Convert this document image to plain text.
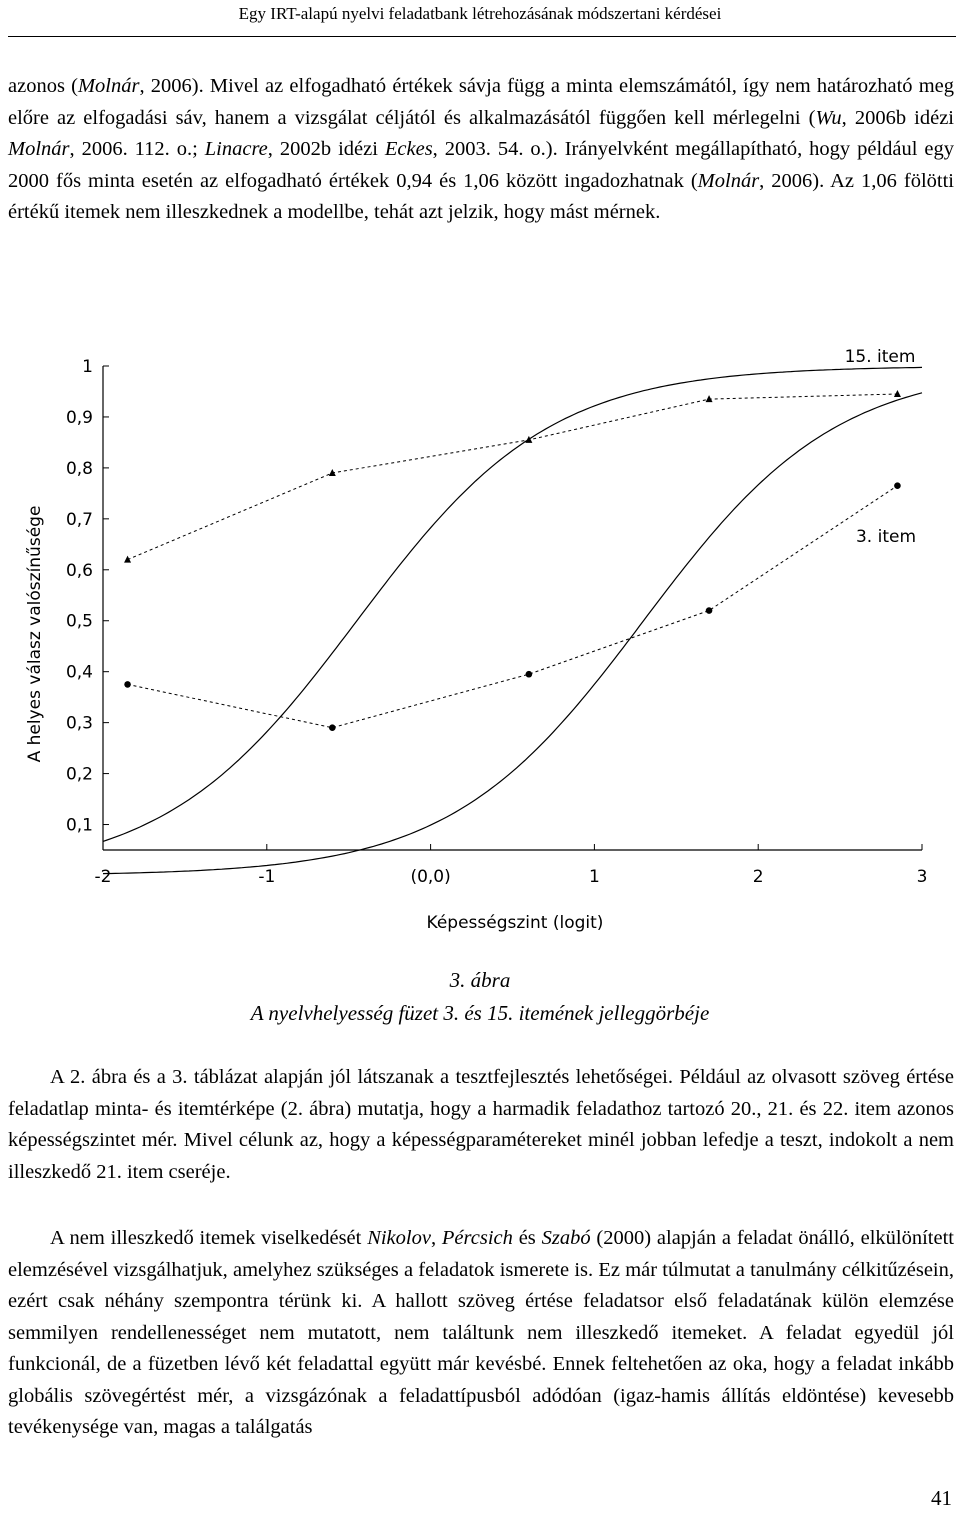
Egy IRT-alapú nyelvi feladatbank létrehozásának módszertani kérdései

azonos (Molnár, 2006). Mivel az elfogadható értékek sávja függ a minta elemszámától, így nem határozható meg előre az elfogadási sáv, hanem a vizsgálat céljától és alkalmazásától függően kell mérlegelni (Wu, 2006b idézi Molnár, 2006. 112. o.; Linacre, 2002b idézi Eckes, 2003. 54. o.). Irányelvként megállapítható, hogy például egy 2000 fős minta esetén az elfogadható értékek 0,94 és 1,06 között ingadozhatnak (Molnár, 2006). Az 1,06 fölötti értékű itemek nem illeszkednek a modellbe, tehát azt jelzik, hogy mást mérnek.

0,1
0,2
0,3
0,4
0,5
0,6
0,7
0,8
0,9
1
-2	-1	(0,0)	1	2	3
Képességszint (logit)
A helyes válasz valószínűsége
15. item
3. item
3. ábra
A nyelvhelyesség füzet 3. és 15. itemének jelleggörbéje

A 2. ábra és a 3. táblázat alapján jól látszanak a tesztfejlesztés lehetőségei. Például az olvasott szöveg értése feladatlap minta- és itemtérképe (2. ábra) mutatja, hogy a harmadik feladathoz tartozó 20., 21. és 22. item azonos képességszintet mér. Mivel célunk az, hogy a képességparamétereket minél jobban lefedje a teszt, indokolt a nem illeszkedő 21. item cseréje.

A nem illeszkedő itemek viselkedését Nikolov, Pércsich és Szabó (2000) alapján a feladat önálló, elkülönített elemzésével vizsgálhatjuk, amelyhez szükséges a feladatok ismerete is. Ez már túlmutat a tanulmány célkitűzésein, ezért csak néhány szempontra térünk ki. A hallott szöveg értése feladatsor első feladatának külön elemzése semmilyen rendellenességet nem mutatott, nem találtunk nem illeszkedő itemeket. A feladat egyedül jól funkcionál, de a füzetben lévő két feladattal együtt már kevésbé. Ennek feltehetően az oka, hogy a feladat inkább globális szövegértést mér, a vizsgázónak a feladattípusból adódóan (igaz-hamis állítás eldöntése) kevesebb tevékenysége van, magas a találgatás

41
